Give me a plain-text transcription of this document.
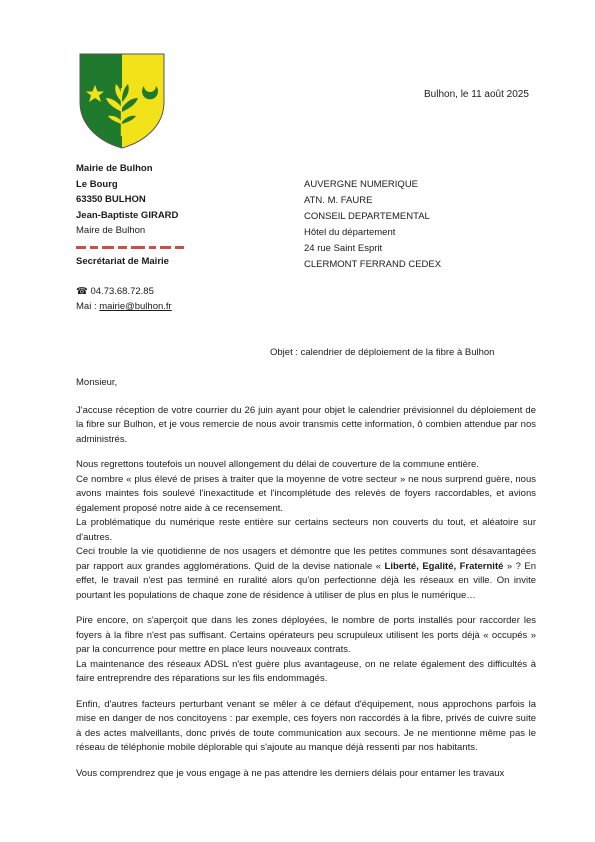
Bulhon, le 11 août 2025
Mairie de Bulhon
Le Bourg
63350 BULHON
Jean-Baptiste GIRARD
Maire de Bulhon
Secrétariat de Mairie
☎ 04.73.68.72.85
Mai : mairie@bulhon.fr
AUVERGNE NUMERIQUE
ATN. M. FAURE
CONSEIL DEPARTEMENTAL
Hôtel du département
24 rue Saint Esprit
CLERMONT FERRAND CEDEX
Objet : calendrier de déploiement de la fibre à Bulhon

Monsieur,

J'accuse réception de votre courrier du 26 juin ayant pour objet le calendrier prévisionnel du déploiement de la fibre sur Bulhon, et je vous remercie de nous avoir transmis cette information, ô combien attendue par nos administrés.

Nous regrettons toutefois un nouvel allongement du délai de couverture de la commune entière.

Ce nombre « plus élevé de prises à traiter que la moyenne de votre secteur » ne nous surprend guère, nous avons maintes fois soulevé l'inexactitude et l'incomplétude des relevés de foyers raccordables, et avions également proposé notre aide à ce recensement.

La problématique du numérique reste entière sur certains secteurs non couverts du tout, et aléatoire sur d'autres.

Ceci trouble la vie quotidienne de nos usagers et démontre que les petites communes sont désavantagées par rapport aux grandes agglomérations. Quid de la devise nationale « Liberté, Egalité, Fraternité » ? En effet, le travail n'est pas terminé en ruralité alors qu'on perfectionne déjà les réseaux en ville. On invite pourtant les populations de chaque zone de résidence à utiliser de plus en plus le numérique…

Pire encore, on s'aperçoit que dans les zones déployées, le nombre de ports installés pour raccorder les foyers à la fibre n'est pas suffisant. Certains opérateurs peu scrupuleux utilisent les ports déjà « occupés » par la concurrence pour mettre en place leurs nouveaux contrats.

La maintenance des réseaux ADSL n'est guère plus avantageuse, on ne relate également des difficultés à faire entreprendre des réparations sur les fils endommagés.

Enfin, d'autres facteurs perturbant venant se mêler à ce défaut d'équipement, nous approchons parfois la mise en danger de nos concitoyens : par exemple, ces foyers non raccordés à la fibre, privés de cuivre suite à des actes malveillants, donc privés de toute communication aux secours. Je ne mentionne même pas le réseau de téléphonie mobile déplorable qui s'ajoute au manque déjà ressenti par nos habitants.

Vous comprendrez que je vous engage à ne pas attendre les derniers délais pour entamer les travaux
